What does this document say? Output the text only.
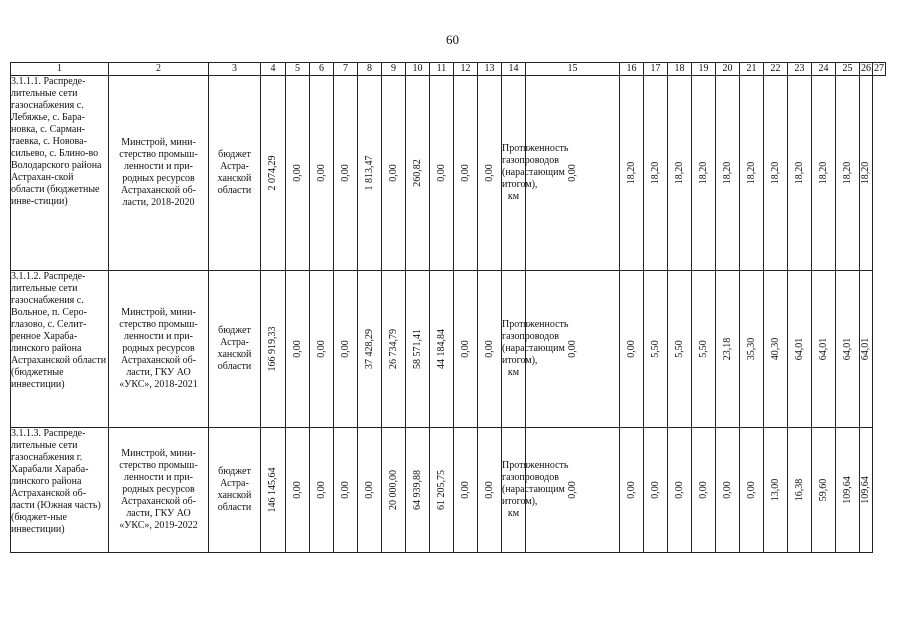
60
1	2	3	4	5	6	7	8	9	10	11	12	13	14	15	16	17	18	19	20	21	22	23	24	25	26	27
3.1.1.1. Распреде-лительные сети газоснабжения с. Лебяжье, с. Бара-новка, с. Сарман-таевка, с. Новова-сильево, с. Блино-во Володарского района Астрахан-ской области (бюджетные инве-стиции)	Минстрой, мини-стерство промыш-ленности и при-родных ресурсов Астраханской об-ласти, 2018-2020	бюджет Астра-ханской области	2 074,29	0,00	0,00	0,00	1 813,47	0,00	260,82	0,00	0,00	0,00	Протяженность газопроводов (нарастающим итогом), км	0,00	18,20	18,20	18,20	18,20	18,20	18,20	18,20	18,20	18,20	18,20	18,20	

3.1.1.2. Распреде-лительные сети газоснабжения с. Вольное, п. Серо-глазово, с. Селит-ренное Хараба-линского района Астраханской области (бюджетные инвестиции)	Минстрой, мини-стерство промыш-ленности и при-родных ресурсов Астраханской об-ласти, ГКУ АО «УКС», 2018-2021	бюджет Астра-ханской области	166 919,33	0,00	0,00	0,00	37 428,29	26 734,79	58 571,41	44 184,84	0,00	0,00	Протяженность газопроводов (нарастающим итогом), км	0,00	0,00	5,50	5,50	5,50	23,18	35,30	40,30	64,01	64,01	64,01	64,01	

3.1.1.3. Распреде-лительные сети газоснабжения г. Харабали Хараба-линского района Астраханской об-ласти (Южная часть) (бюджет-ные инвестиции)	Минстрой, мини-стерство промыш-ленности и при-родных ресурсов Астраханской об-ласти, ГКУ АО «УКС», 2019-2022	бюджет Астра-ханской области	146 145,64	0,00	0,00	0,00	0,00	20 000,00	64 939,88	61 205,75	0,00	0,00	Протяженность газопроводов (нарастающим итогом), км	0,00	0,00	0,00	0,00	0,00	0,00	0,00	13,00	16,38	59,60	109,64	109,64	
